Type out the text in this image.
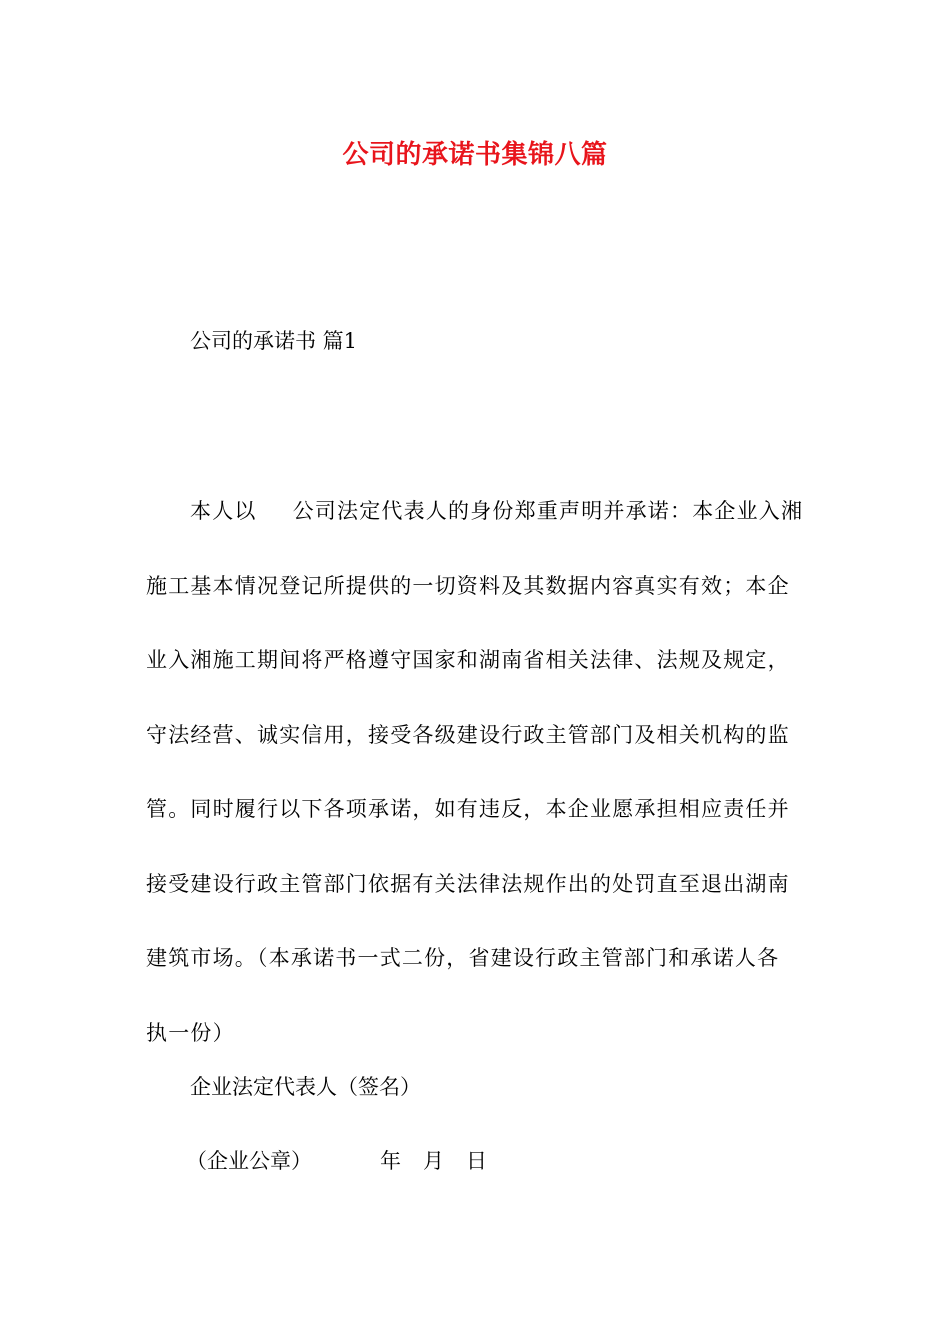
公司的承诺书集锦八篇
公司的承诺书 篇1
本人以 公司法定代表人的身份郑重声明并承诺：本企业入湘
施工基本情况登记所提供的一切资料及其数据内容真实有效；本企
业入湘施工期间将严格遵守国家和湖南省相关法律、法规及规定，
守法经营、诚实信用，接受各级建设行政主管部门及相关机构的监
管。同时履行以下各项承诺，如有违反，本企业愿承担相应责任并
接受建设行政主管部门依据有关法律法规作出的处罚直至退出湖南
建筑市场。（本承诺书一式二份，省建设行政主管部门和承诺人各
执一份）
企业法定代表人（签名）
（企业公章）	年 月 日
